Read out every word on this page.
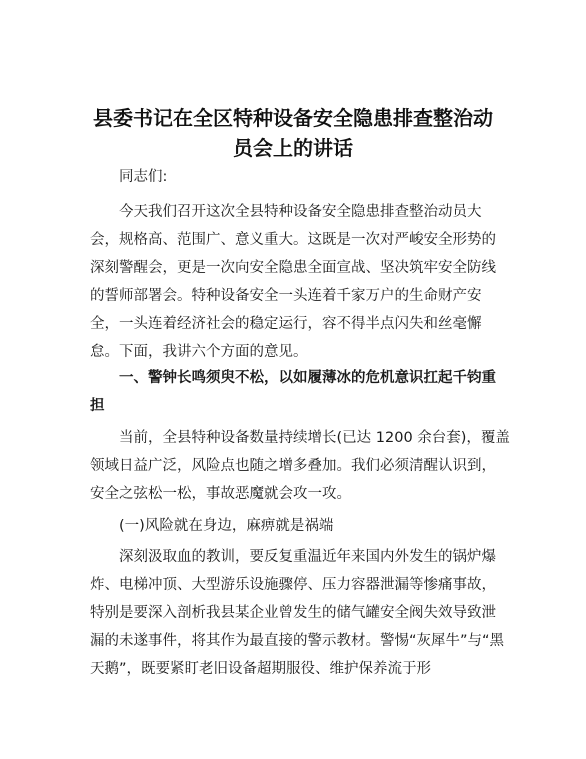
县委书记在全区特种设备安全隐患排查整治动
员会上的讲话

同志们:

今天我们召开这次全县特种设备安全隐患排查整治动员大会，规格高、范围广、意义重大。这既是一次对严峻安全形势的深刻警醒会，更是一次向安全隐患全面宣战、坚决筑牢安全防线的誓师部署会。特种设备安全一头连着千家万户的生命财产安全，一头连着经济社会的稳定运行，容不得半点闪失和丝毫懈怠。下面，我讲六个方面的意见。

一、警钟长鸣须臾不松，以如履薄冰的危机意识扛起千钧重担

当前，全县特种设备数量持续增长(已达 1200 余台套)，覆盖领域日益广泛，风险点也随之增多叠加。我们必须清醒认识到，安全之弦松一松，事故恶魔就会攻一攻。

(一)风险就在身边，麻痹就是祸端

深刻汲取血的教训，要反复重温近年来国内外发生的锅炉爆炸、电梯冲顶、大型游乐设施骤停、压力容器泄漏等惨痛事故，特别是要深入剖析我县某企业曾发生的储气罐安全阀失效导致泄漏的未遂事件，将其作为最直接的警示教材。警惕“灰犀牛”与“黑天鹅”，既要紧盯老旧设备超期服役、维护保养流于形
